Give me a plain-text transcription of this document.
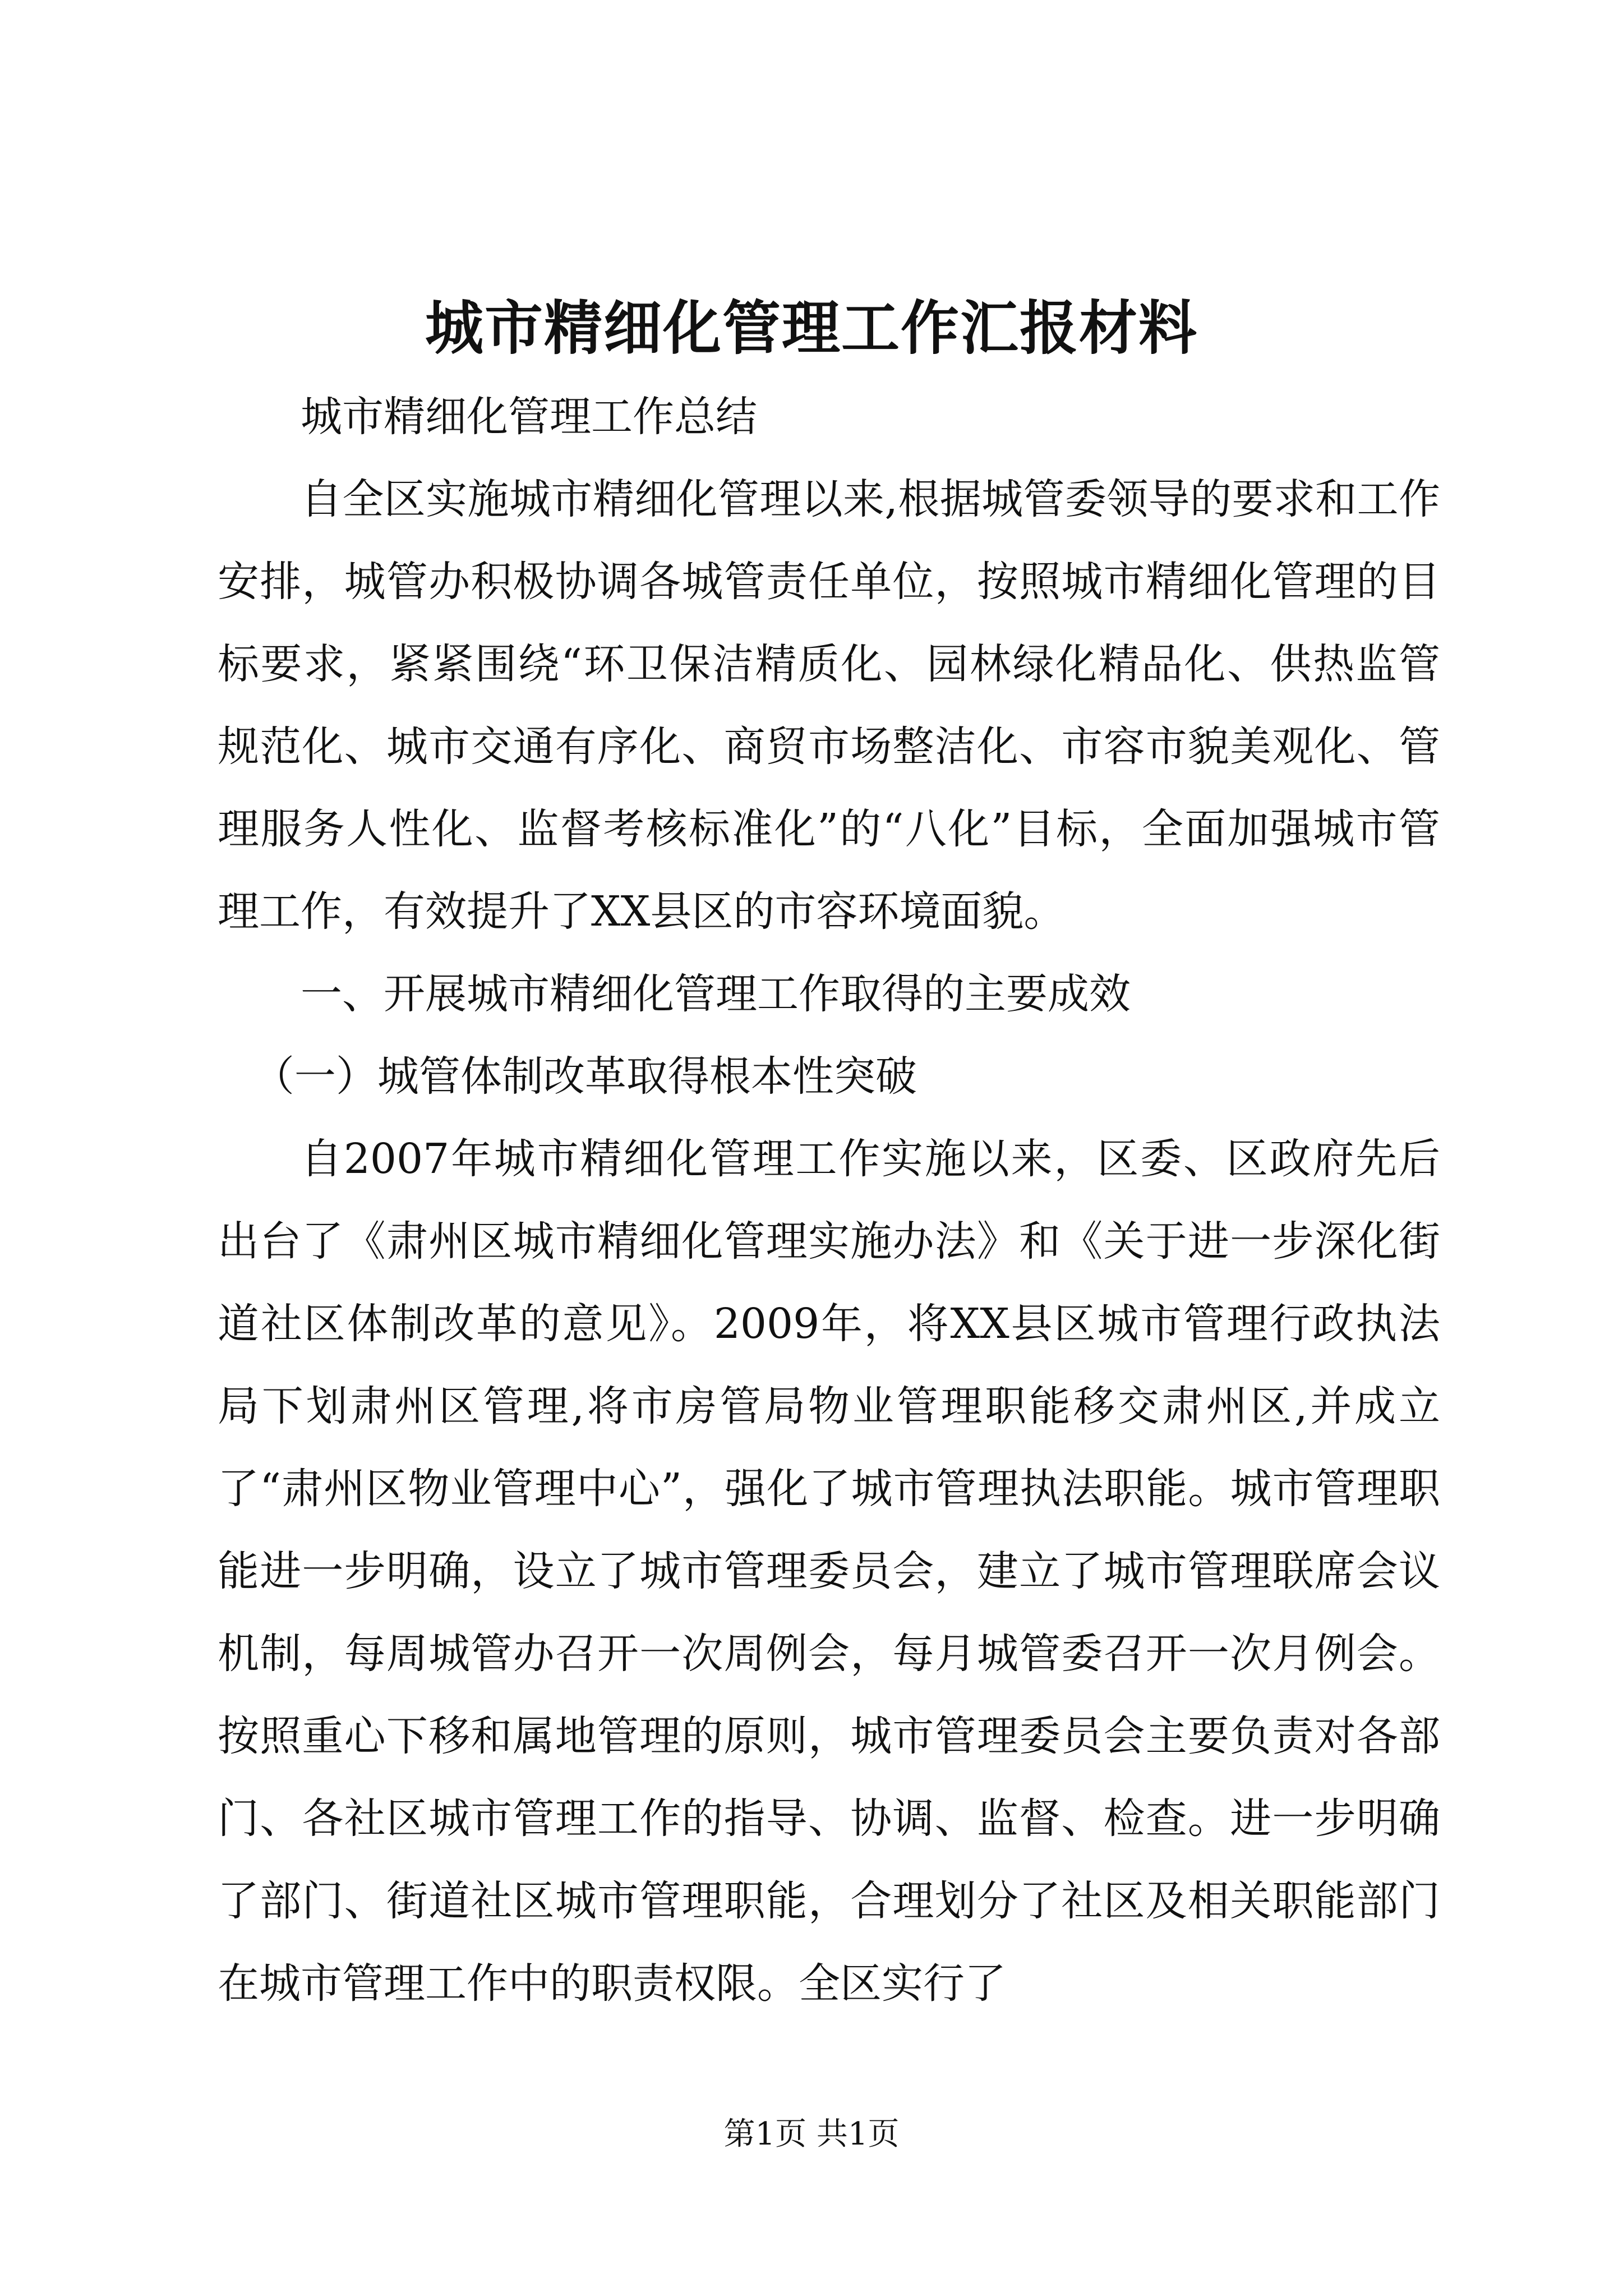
城市精细化管理工作汇报材料

城市精细化管理工作总结

自全区实施城市精细化管理以来,根据城管委领导的要求和工作安排，城管办积极协调各城管责任单位，按照城市精细化管理的目标要求，紧紧围绕“环卫保洁精质化、园林绿化精品化、供热监管规范化、城市交通有序化、商贸市场整洁化、市容市貌美观化、管理服务人性化、监督考核标准化”的“八化”目标，全面加强城市管理工作，有效提升了XX县区的市容环境面貌。

一、开展城市精细化管理工作取得的主要成效

（一）城管体制改革取得根本性突破

自2007年城市精细化管理工作实施以来，区委、区政府先后出台了《肃州区城市精细化管理实施办法》和《关于进一步深化街道社区体制改革的意见》。2009年，将XX县区城市管理行政执法局下划肃州区管理,将市房管局物业管理职能移交肃州区,并成立了“肃州区物业管理中心”，强化了城市管理执法职能。城市管理职能进一步明确，设立了城市管理委员会，建立了城市管理联席会议机制，每周城管办召开一次周例会，每月城管委召开一次月例会。按照重心下移和属地管理的原则，城市管理委员会主要负责对各部门、各社区城市管理工作的指导、协调、监督、检查。进一步明确了部门、街道社区城市管理职能，合理划分了社区及相关职能部门在城市管理工作中的职责权限。全区实行了

第1页 共1页
